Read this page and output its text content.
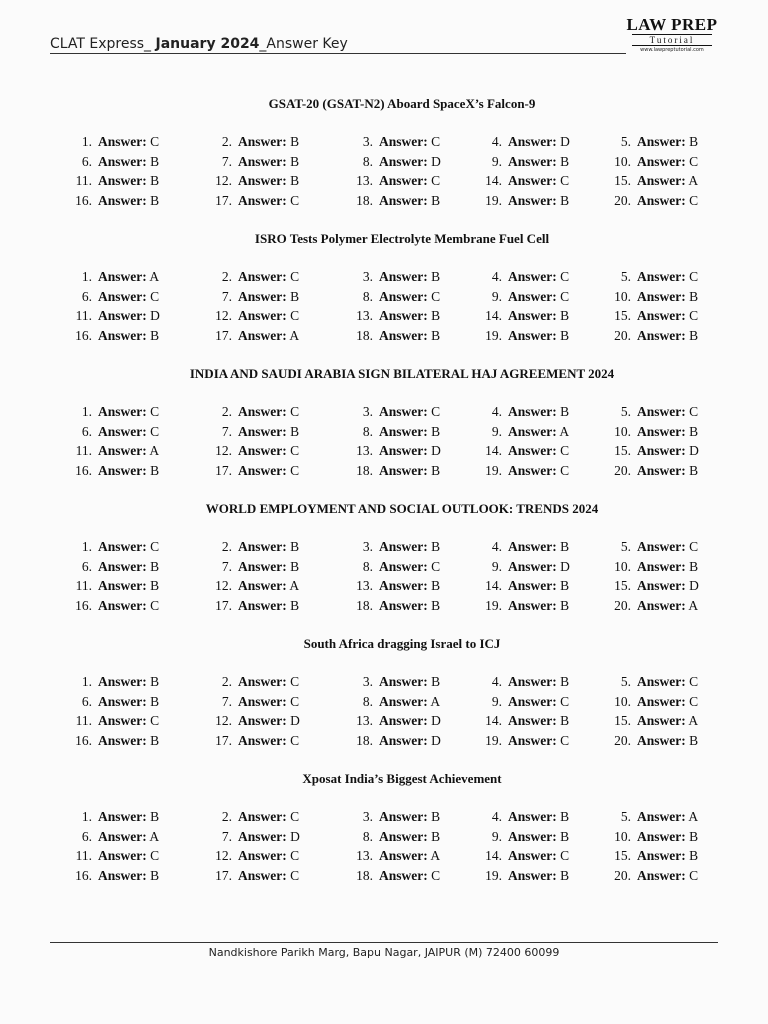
CLAT Express_ January 2024_Answer Key
LAW PREP
Tutorial
www.lawpreptutorial.com
GSAT-20 (GSAT-N2) Aboard SpaceX’s Falcon-9
1. Answer: C	2. Answer: B	3. Answer: C	4. Answer: D	5. Answer: B
6. Answer: B	7. Answer: B	8. Answer: D	9. Answer: B	10. Answer: C
11. Answer: B	12. Answer: B	13. Answer: C	14. Answer: C	15. Answer: A
16. Answer: B	17. Answer: C	18. Answer: B	19. Answer: B	20. Answer: C
ISRO Tests Polymer Electrolyte Membrane Fuel Cell
1. Answer: A	2. Answer: C	3. Answer: B	4. Answer: C	5. Answer: C
6. Answer: C	7. Answer: B	8. Answer: C	9. Answer: C	10. Answer: B
11. Answer: D	12. Answer: C	13. Answer: B	14. Answer: B	15. Answer: C
16. Answer: B	17. Answer: A	18. Answer: B	19. Answer: B	20. Answer: B
INDIA AND SAUDI ARABIA SIGN BILATERAL HAJ AGREEMENT 2024
1. Answer: C	2. Answer: C	3. Answer: C	4. Answer: B	5. Answer: C
6. Answer: C	7. Answer: B	8. Answer: B	9. Answer: A	10. Answer: B
11. Answer: A	12. Answer: C	13. Answer: D	14. Answer: C	15. Answer: D
16. Answer: B	17. Answer: C	18. Answer: B	19. Answer: C	20. Answer: B
WORLD EMPLOYMENT AND SOCIAL OUTLOOK: TRENDS 2024
1. Answer: C	2. Answer: B	3. Answer: B	4. Answer: B	5. Answer: C
6. Answer: B	7. Answer: B	8. Answer: C	9. Answer: D	10. Answer: B
11. Answer: B	12. Answer: A	13. Answer: B	14. Answer: B	15. Answer: D
16. Answer: C	17. Answer: B	18. Answer: B	19. Answer: B	20. Answer: A
South Africa dragging Israel to ICJ
1. Answer: B	2. Answer: C	3. Answer: B	4. Answer: B	5. Answer: C
6. Answer: B	7. Answer: C	8. Answer: A	9. Answer: C	10. Answer: C
11. Answer: C	12. Answer: D	13. Answer: D	14. Answer: B	15. Answer: A
16. Answer: B	17. Answer: C	18. Answer: D	19. Answer: C	20. Answer: B
Xposat India’s Biggest Achievement
1. Answer: B	2. Answer: C	3. Answer: B	4. Answer: B	5. Answer: A
6. Answer: A	7. Answer: D	8. Answer: B	9. Answer: B	10. Answer: B
11. Answer: C	12. Answer: C	13. Answer: A	14. Answer: C	15. Answer: B
16. Answer: B	17. Answer: C	18. Answer: C	19. Answer: B	20. Answer: C
Nandkishore Parikh Marg, Bapu Nagar, JAIPUR (M) 72400 60099
